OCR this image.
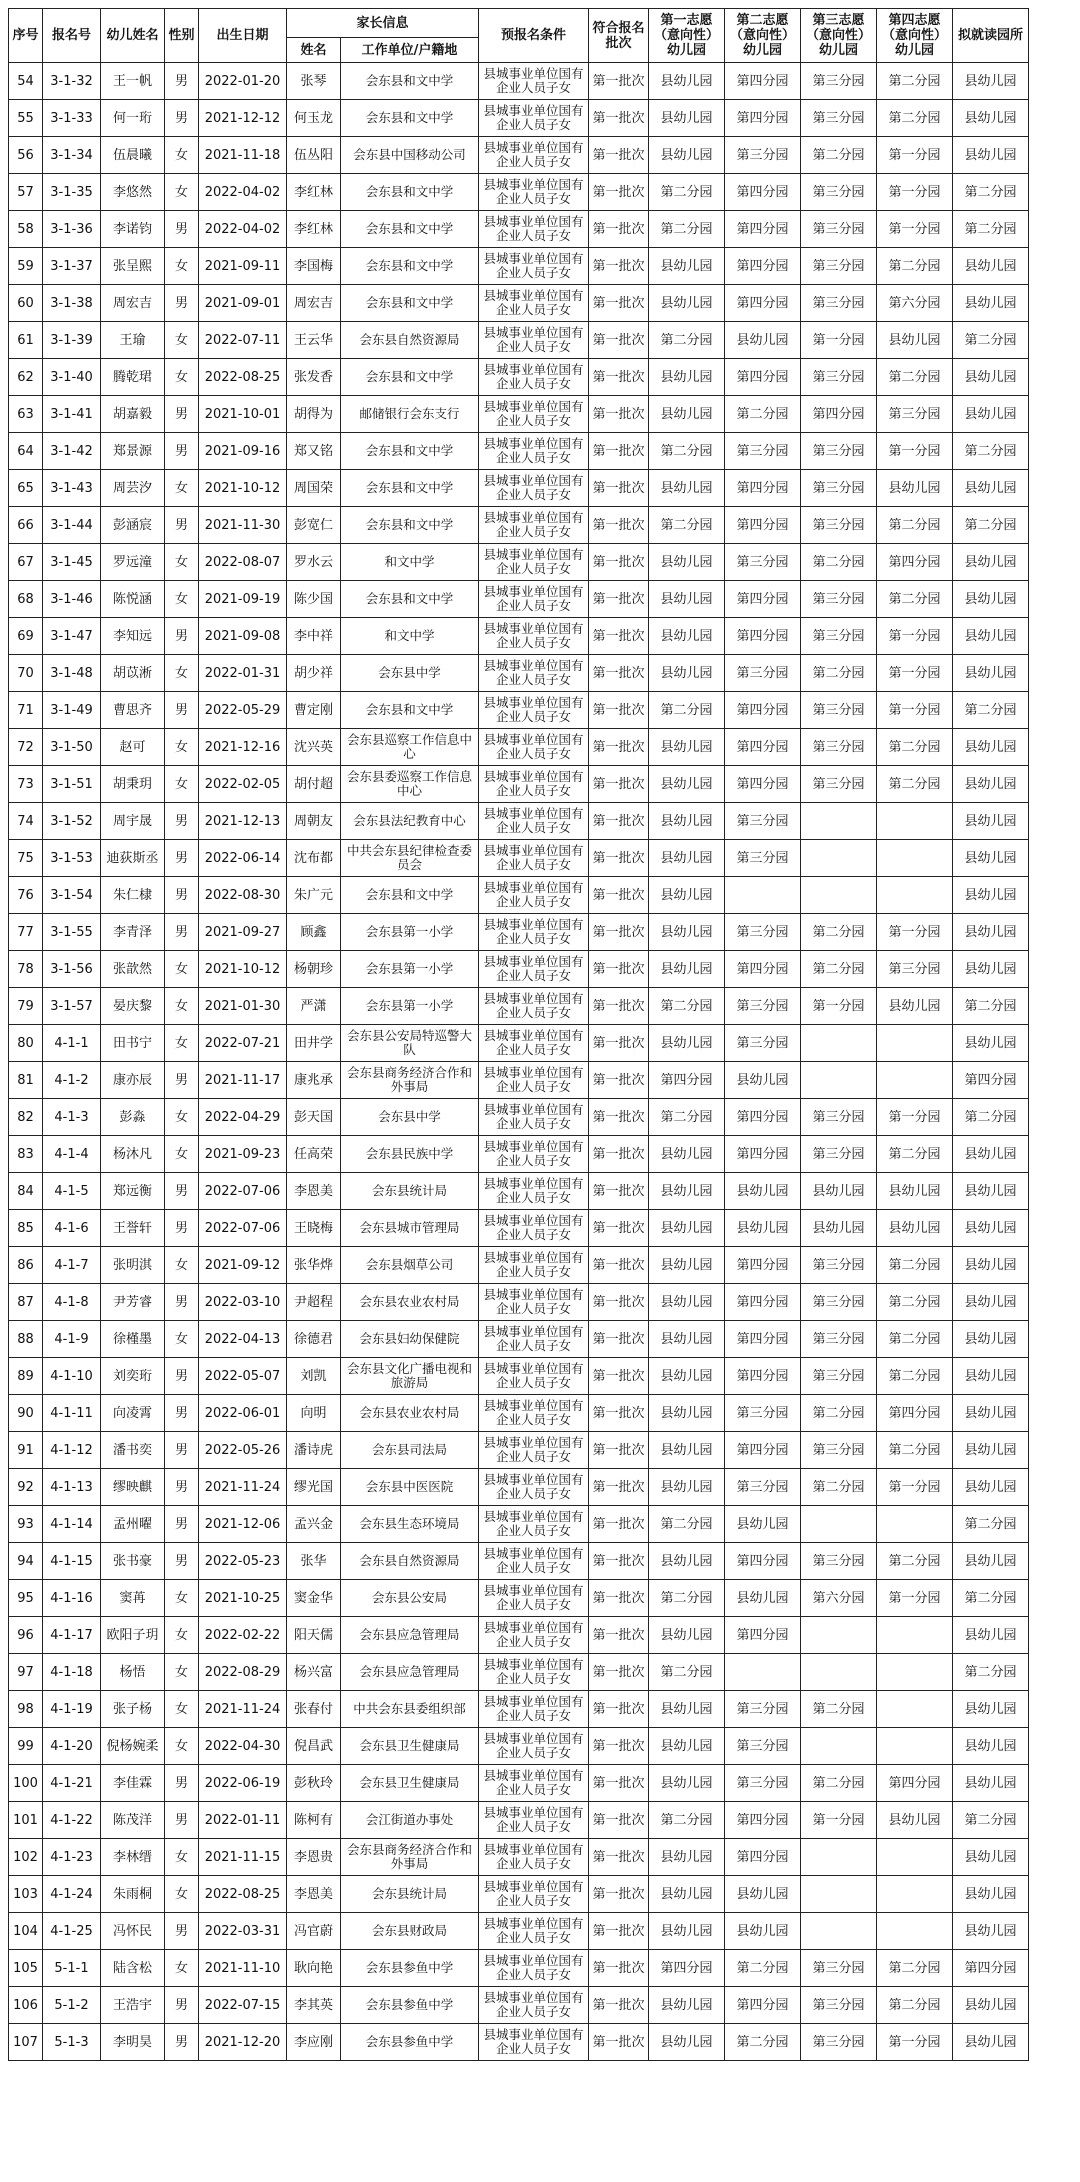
序号	报名号	幼儿姓名	性别	出生日期	家长信息		预报名条件	符合报名批次	第一志愿（意向性）幼儿园	第二志愿（意向性）幼儿园	第三志愿（意向性）幼儿园	第四志愿（意向性）幼儿园	拟就读园所
					姓名	工作单位/户籍地							
54	3-1-32	王一帆	男	2022-01-20	张琴	会东县和文中学	县城事业单位国有企业人员子女	第一批次	县幼儿园	第四分园	第三分园	第二分园	县幼儿园
55	3-1-33	何一珩	男	2021-12-12	何玉龙	会东县和文中学	县城事业单位国有企业人员子女	第一批次	县幼儿园	第四分园	第三分园	第二分园	县幼儿园
56	3-1-34	伍晨曦	女	2021-11-18	伍丛阳	会东县中国移动公司	县城事业单位国有企业人员子女	第一批次	县幼儿园	第三分园	第二分园	第一分园	县幼儿园
57	3-1-35	李悠然	女	2022-04-02	李红林	会东县和文中学	县城事业单位国有企业人员子女	第一批次	第二分园	第四分园	第三分园	第一分园	第二分园
58	3-1-36	李诺钧	男	2022-04-02	李红林	会东县和文中学	县城事业单位国有企业人员子女	第一批次	第二分园	第四分园	第三分园	第一分园	第二分园
59	3-1-37	张呈熙	女	2021-09-11	李国梅	会东县和文中学	县城事业单位国有企业人员子女	第一批次	县幼儿园	第四分园	第三分园	第二分园	县幼儿园
60	3-1-38	周宏吉	男	2021-09-01	周宏吉	会东县和文中学	县城事业单位国有企业人员子女	第一批次	县幼儿园	第四分园	第三分园	第六分园	县幼儿园
61	3-1-39	王瑜	女	2022-07-11	王云华	会东县自然资源局	县城事业单位国有企业人员子女	第一批次	第二分园	县幼儿园	第一分园	县幼儿园	第二分园
62	3-1-40	腾乾珺	女	2022-08-25	张发香	会东县和文中学	县城事业单位国有企业人员子女	第一批次	县幼儿园	第四分园	第三分园	第二分园	县幼儿园
63	3-1-41	胡嘉毅	男	2021-10-01	胡得为	邮储银行会东支行	县城事业单位国有企业人员子女	第一批次	县幼儿园	第二分园	第四分园	第三分园	县幼儿园
64	3-1-42	郑景源	男	2021-09-16	郑又铭	会东县和文中学	县城事业单位国有企业人员子女	第一批次	第二分园	第三分园	第三分园	第一分园	第二分园
65	3-1-43	周芸汐	女	2021-10-12	周国荣	会东县和文中学	县城事业单位国有企业人员子女	第一批次	县幼儿园	第四分园	第三分园	县幼儿园	县幼儿园
66	3-1-44	彭涵宸	男	2021-11-30	彭宽仁	会东县和文中学	县城事业单位国有企业人员子女	第一批次	第二分园	第四分园	第三分园	第二分园	第二分园
67	3-1-45	罗远潼	女	2022-08-07	罗水云	和文中学	县城事业单位国有企业人员子女	第一批次	县幼儿园	第三分园	第二分园	第四分园	县幼儿园
68	3-1-46	陈悦涵	女	2021-09-19	陈少国	会东县和文中学	县城事业单位国有企业人员子女	第一批次	县幼儿园	第四分园	第三分园	第二分园	县幼儿园
69	3-1-47	李知远	男	2021-09-08	李中祥	和文中学	县城事业单位国有企业人员子女	第一批次	县幼儿园	第四分园	第三分园	第一分园	县幼儿园
70	3-1-48	胡苡淅	女	2022-01-31	胡少祥	会东县中学	县城事业单位国有企业人员子女	第一批次	县幼儿园	第三分园	第二分园	第一分园	县幼儿园
71	3-1-49	曹思齐	男	2022-05-29	曹定刚	会东县和文中学	县城事业单位国有企业人员子女	第一批次	第二分园	第四分园	第三分园	第一分园	第二分园
72	3-1-50	赵可	女	2021-12-16	沈兴英	会东县巡察工作信息中心	县城事业单位国有企业人员子女	第一批次	县幼儿园	第四分园	第三分园	第二分园	县幼儿园
73	3-1-51	胡秉玥	女	2022-02-05	胡付超	会东县委巡察工作信息中心	县城事业单位国有企业人员子女	第一批次	县幼儿园	第四分园	第三分园	第二分园	县幼儿园
74	3-1-52	周宇晟	男	2021-12-13	周朝友	会东县法纪教育中心	县城事业单位国有企业人员子女	第一批次	县幼儿园	第三分园			县幼儿园
75	3-1-53	迪荻斯丞	男	2022-06-14	沈布都	中共会东县纪律检查委员会	县城事业单位国有企业人员子女	第一批次	县幼儿园	第三分园			县幼儿园
76	3-1-54	朱仁棣	男	2022-08-30	朱广元	会东县和文中学	县城事业单位国有企业人员子女	第一批次	县幼儿园				县幼儿园
77	3-1-55	李青泽	男	2021-09-27	顾鑫	会东县第一小学	县城事业单位国有企业人员子女	第一批次	县幼儿园	第三分园	第二分园	第一分园	县幼儿园
78	3-1-56	张歆然	女	2021-10-12	杨朝珍	会东县第一小学	县城事业单位国有企业人员子女	第一批次	县幼儿园	第四分园	第二分园	第三分园	县幼儿园
79	3-1-57	晏庆黎	女	2021-01-30	严潇	会东县第一小学	县城事业单位国有企业人员子女	第一批次	第二分园	第三分园	第一分园	县幼儿园	第二分园
80	4-1-1	田书宁	女	2022-07-21	田井学	会东县公安局特巡警大队	县城事业单位国有企业人员子女	第一批次	县幼儿园	第三分园			县幼儿园
81	4-1-2	康亦辰	男	2021-11-17	康兆承	会东县商务经济合作和外事局	县城事业单位国有企业人员子女	第一批次	第四分园	县幼儿园			第四分园
82	4-1-3	彭淼	女	2022-04-29	彭天国	会东县中学	县城事业单位国有企业人员子女	第一批次	第二分园	第四分园	第三分园	第一分园	第二分园
83	4-1-4	杨沐凡	女	2021-09-23	任高荣	会东县民族中学	县城事业单位国有企业人员子女	第一批次	县幼儿园	第四分园	第三分园	第二分园	县幼儿园
84	4-1-5	郑远衡	男	2022-07-06	李恩美	会东县统计局	县城事业单位国有企业人员子女	第一批次	县幼儿园	县幼儿园	县幼儿园	县幼儿园	县幼儿园
85	4-1-6	王誉轩	男	2022-07-06	王晓梅	会东县城市管理局	县城事业单位国有企业人员子女	第一批次	县幼儿园	县幼儿园	县幼儿园	县幼儿园	县幼儿园
86	4-1-7	张明淇	女	2021-09-12	张华烨	会东县烟草公司	县城事业单位国有企业人员子女	第一批次	县幼儿园	第四分园	第三分园	第二分园	县幼儿园
87	4-1-8	尹芳睿	男	2022-03-10	尹超程	会东县农业农村局	县城事业单位国有企业人员子女	第一批次	县幼儿园	第四分园	第三分园	第二分园	县幼儿园
88	4-1-9	徐槿墨	女	2022-04-13	徐德君	会东县妇幼保健院	县城事业单位国有企业人员子女	第一批次	县幼儿园	第四分园	第三分园	第二分园	县幼儿园
89	4-1-10	刘奕珩	男	2022-05-07	刘凯	会东县文化广播电视和旅游局	县城事业单位国有企业人员子女	第一批次	县幼儿园	第四分园	第三分园	第二分园	县幼儿园
90	4-1-11	向凌霄	男	2022-06-01	向明	会东县农业农村局	县城事业单位国有企业人员子女	第一批次	县幼儿园	第三分园	第二分园	第四分园	县幼儿园
91	4-1-12	潘书奕	男	2022-05-26	潘诗虎	会东县司法局	县城事业单位国有企业人员子女	第一批次	县幼儿园	第四分园	第三分园	第二分园	县幼儿园
92	4-1-13	缪映麒	男	2021-11-24	缪光国	会东县中医医院	县城事业单位国有企业人员子女	第一批次	县幼儿园	第三分园	第二分园	第一分园	县幼儿园
93	4-1-14	孟州曜	男	2021-12-06	孟兴金	会东县生态环境局	县城事业单位国有企业人员子女	第一批次	第二分园	县幼儿园			第二分园
94	4-1-15	张书豪	男	2022-05-23	张华	会东县自然资源局	县城事业单位国有企业人员子女	第一批次	县幼儿园	第四分园	第三分园	第二分园	县幼儿园
95	4-1-16	窦苒	女	2021-10-25	窦金华	会东县公安局	县城事业单位国有企业人员子女	第一批次	第二分园	县幼儿园	第六分园	第一分园	第二分园
96	4-1-17	欧阳子玥	女	2022-02-22	阳天儒	会东县应急管理局	县城事业单位国有企业人员子女	第一批次	县幼儿园	第四分园			县幼儿园
97	4-1-18	杨悟	女	2022-08-29	杨兴富	会东县应急管理局	县城事业单位国有企业人员子女	第一批次	第二分园				第二分园
98	4-1-19	张子杨	女	2021-11-24	张春付	中共会东县委组织部	县城事业单位国有企业人员子女	第一批次	县幼儿园	第三分园	第二分园		县幼儿园
99	4-1-20	倪杨婉柔	女	2022-04-30	倪昌武	会东县卫生健康局	县城事业单位国有企业人员子女	第一批次	县幼儿园	第三分园			县幼儿园
100	4-1-21	李佳霖	男	2022-06-19	彭秋玲	会东县卫生健康局	县城事业单位国有企业人员子女	第一批次	县幼儿园	第三分园	第二分园	第四分园	县幼儿园
101	4-1-22	陈茂洋	男	2022-01-11	陈柯有	会江街道办事处	县城事业单位国有企业人员子女	第一批次	第二分园	第四分园	第一分园	县幼儿园	第二分园
102	4-1-23	李林缙	女	2021-11-15	李恩贵	会东县商务经济合作和外事局	县城事业单位国有企业人员子女	第一批次	县幼儿园	第四分园			县幼儿园
103	4-1-24	朱雨桐	女	2022-08-25	李恩美	会东县统计局	县城事业单位国有企业人员子女	第一批次	县幼儿园	县幼儿园			县幼儿园
104	4-1-25	冯怀民	男	2022-03-31	冯官蔚	会东县财政局	县城事业单位国有企业人员子女	第一批次	县幼儿园	县幼儿园			县幼儿园
105	5-1-1	陆含松	女	2021-11-10	耿向艳	会东县参鱼中学	县城事业单位国有企业人员子女	第一批次	第四分园	第二分园	第三分园	第二分园	第四分园
106	5-1-2	王浩宇	男	2022-07-15	李其英	会东县参鱼中学	县城事业单位国有企业人员子女	第一批次	县幼儿园	第四分园	第三分园	第二分园	县幼儿园
107	5-1-3	李明昊	男	2021-12-20	李应刚	会东县参鱼中学	县城事业单位国有企业人员子女	第一批次	县幼儿园	第二分园	第三分园	第一分园	县幼儿园
